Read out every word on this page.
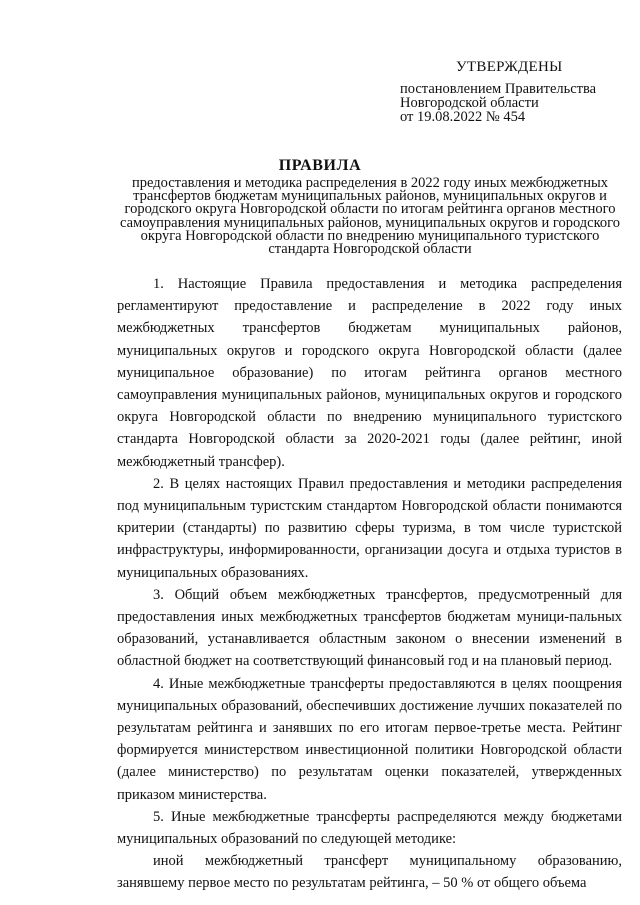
УТВЕРЖДЕНЫ
постановлением Правительства
Новгородской области
от 19.08.2022 № 454
ПРАВИЛА
предоставления и методика распределения в 2022 году иных межбюджетных трансфертов бюджетам муниципальных районов, муниципальных округов и городского округа Новгородской области по итогам рейтинга органов местного самоуправления муниципальных районов, муниципальных округов и городского округа Новгородской области по внедрению муниципального туристского стандарта Новгородской области

1. Настоящие Правила предоставления и методика распределения регламентируют предоставление и распределение в 2022 году иных межбюджетных трансфертов бюджетам муниципальных районов, муниципальных округов и городского округа Новгородской области (далее муниципальное образование) по итогам рейтинга органов местного самоуправления муниципальных районов, муниципальных округов и городского округа Новгородской области по внедрению муниципального туристского стандарта Новгородской области за 2020-2021 годы (далее рейтинг, иной межбюджетный трансфер).

2. В целях настоящих Правил предоставления и методики распределения под муниципальным туристским стандартом Новгородской области понимаются критерии (стандарты) по развитию сферы туризма, в том числе туристской инфраструктуры, информированности, организации досуга и отдыха туристов в муниципальных образованиях.

3. Общий объем межбюджетных трансфертов, предусмотренный для предоставления иных межбюджетных трансфертов бюджетам муници-пальных образований, устанавливается областным законом о внесении изменений в областной бюджет на соответствующий финансовый год и на плановый период.

4. Иные межбюджетные трансферты предоставляются в целях поощрения муниципальных образований, обеспечивших достижение лучших показателей по результатам рейтинга и занявших по его итогам первое-третье места. Рейтинг формируется министерством инвестиционной политики Новгородской области (далее министерство) по результатам оценки показателей, утвержденных приказом министерства.

5. Иные межбюджетные трансферты распределяются между бюджетами муниципальных образований по следующей методике:

иной межбюджетный трансферт муниципальному образованию, занявшему первое место по результатам рейтинга, – 50 % от общего объема
